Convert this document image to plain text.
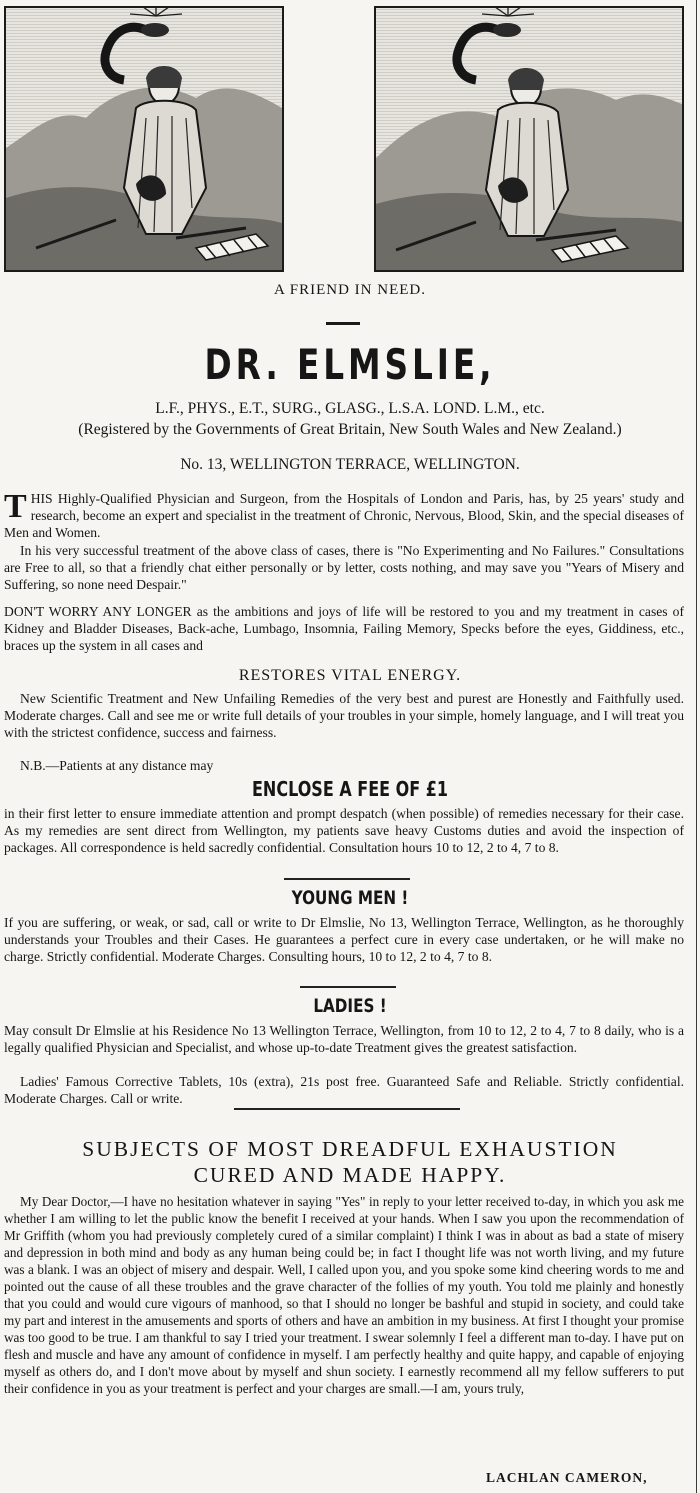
A FRIEND IN NEED.
DR. ELMSLIE,
L.F., PHYS., E.T., SURG., GLASG., L.S.A. LOND. L.M., etc.
(Registered by the Governments of Great Britain, New South Wales and New Zealand.)
No. 13, WELLINGTON TERRACE, WELLINGTON.
THIS Highly-Qualified Physician and Surgeon, from the Hospitals of London and Paris, has, by 25 years' study and research, become an expert and specialist in the treatment of Chronic, Nervous, Blood, Skin, and the special diseases of Men and Women.
In his very successful treatment of the above class of cases, there is "No Experimenting and No Failures." Consultations are Free to all, so that a friendly chat either personally or by letter, costs nothing, and may save you "Years of Misery and Suffering, so none need Despair."
DON'T WORRY ANY LONGER as the ambitions and joys of life will be restored to you and my treatment in cases of Kidney and Bladder Diseases, Back-ache, Lumbago, Insomnia, Failing Memory, Specks before the eyes, Giddiness, etc., braces up the system in all cases and
RESTORES VITAL ENERGY.
New Scientific Treatment and New Unfailing Remedies of the very best and purest are Honestly and Faithfully used. Moderate charges. Call and see me or write full details of your troubles in your simple, homely language, and I will treat you with the strictest confidence, success and fairness.
N.B.—Patients at any distance may
ENCLOSE A FEE OF £1
in their first letter to ensure immediate attention and prompt despatch (when possible) of remedies necessary for their case. As my remedies are sent direct from Wellington, my patients save heavy Customs duties and avoid the inspection of packages. All correspondence is held sacredly confidential. Consultation hours 10 to 12, 2 to 4, 7 to 8.
YOUNG MEN !
If you are suffering, or weak, or sad, call or write to Dr Elmslie, No 13, Wellington Terrace, Wellington, as he thoroughly understands your Troubles and their Cases. He guarantees a perfect cure in every case undertaken, or he will make no charge. Strictly confidential. Moderate Charges. Consulting hours, 10 to 12, 2 to 4, 7 to 8.
LADIES !
May consult Dr Elmslie at his Residence No 13 Wellington Terrace, Wellington, from 10 to 12, 2 to 4, 7 to 8 daily, who is a legally qualified Physician and Specialist, and whose up-to-date Treatment gives the greatest satisfaction.
Ladies' Famous Corrective Tablets, 10s (extra), 21s post free. Guaranteed Safe and Reliable. Strictly confidential. Moderate Charges. Call or write.
SUBJECTS OF MOST DREADFUL EXHAUSTION
CURED AND MADE HAPPY.
My Dear Doctor,—I have no hesitation whatever in saying "Yes" in reply to your letter received to-day, in which you ask me whether I am willing to let the public know the benefit I received at your hands. When I saw you upon the recommendation of Mr Griffith (whom you had previously completely cured of a similar complaint) I think I was in about as bad a state of misery and depression in both mind and body as any human being could be; in fact I thought life was not worth living, and my future was a blank. I was an object of misery and despair. Well, I called upon you, and you spoke some kind cheering words to me and pointed out the cause of all these troubles and the grave character of the follies of my youth. You told me plainly and honestly that you could and would cure vigours of manhood, so that I should no longer be bashful and stupid in society, and could take my part and interest in the amusements and sports of others and have an ambition in my business. At first I thought your promise was too good to be true. I am thankful to say I tried your treatment. I swear solemnly I feel a different man to-day. I have put on flesh and muscle and have any amount of confidence in myself. I am perfectly healthy and quite happy, and capable of enjoying myself as others do, and I don't move about by myself and shun society. I earnestly recommend all my fellow sufferers to put their confidence in you as your treatment is perfect and your charges are small.—I am, yours truly,
LACHLAN CAMERON,
